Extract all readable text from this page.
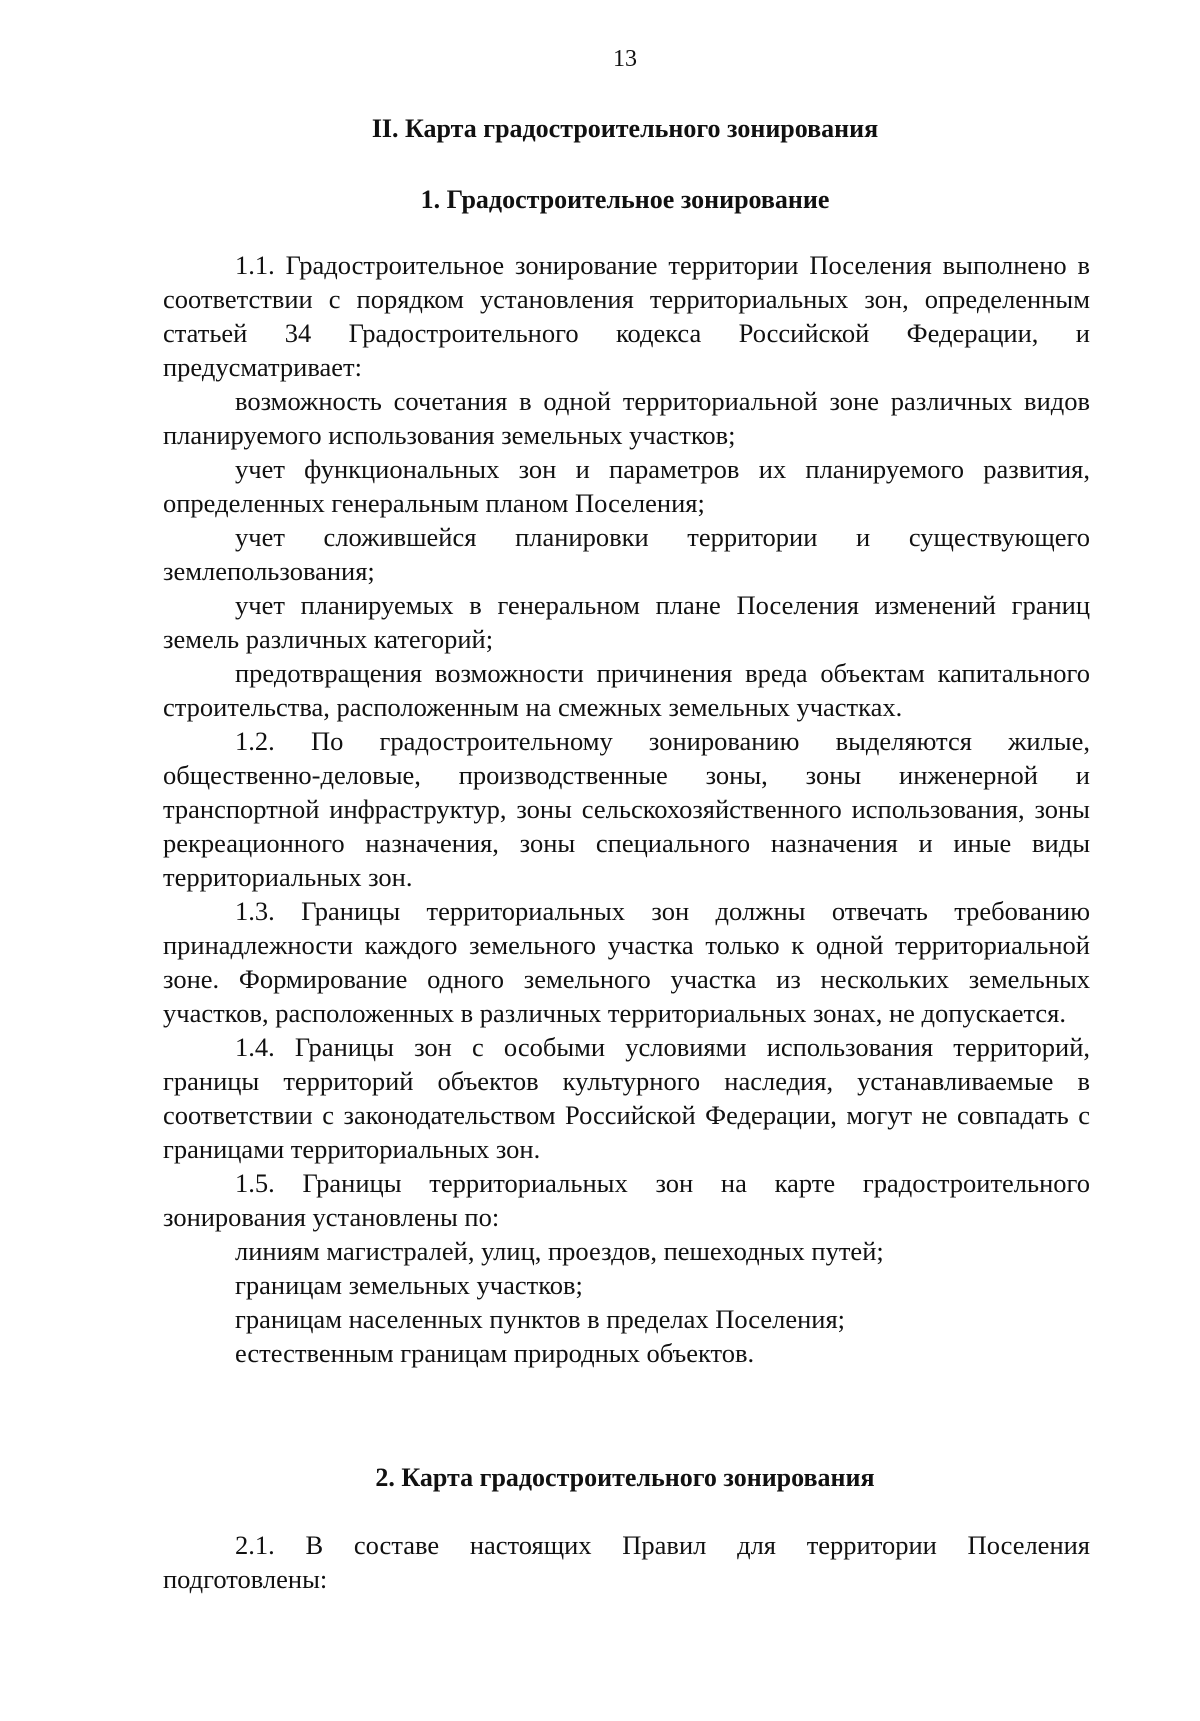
13
II. Карта градостроительного зонирования
1. Градостроительное зонирование

1.1. Градостроительное зонирование территории Поселения выполнено в соответствии с порядком установления территориальных зон, определенным статьей 34 Градостроительного кодекса Российской Федерации, и предусматривает:

возможность сочетания в одной территориальной зоне различных видов планируемого использования земельных участков;

учет функциональных зон и параметров их планируемого развития, определенных генеральным планом Поселения;

учет сложившейся планировки территории и существующего землепользования;

учет планируемых в генеральном плане Поселения изменений границ земель различных категорий;

предотвращения возможности причинения вреда объектам капитального строительства, расположенным на смежных земельных участках.

1.2. По градостроительному зонированию выделяются жилые, общественно-деловые, производственные зоны, зоны инженерной и транспортной инфраструктур, зоны сельскохозяйственного использования, зоны рекреационного назначения, зоны специального назначения и иные виды территориальных зон.

1.3. Границы территориальных зон должны отвечать требованию принадлежности каждого земельного участка только к одной территориальной зоне. Формирование одного земельного участка из нескольких земельных участков, расположенных в различных территориальных зонах, не допускается.

1.4. Границы зон с особыми условиями использования территорий, границы территорий объектов культурного наследия, устанавливаемые в соответствии с законодательством Российской Федерации, могут не совпадать с границами территориальных зон.

1.5. Границы территориальных зон на карте градостроительного зонирования установлены по:

линиям магистралей, улиц, проездов, пешеходных путей;

границам земельных участков;

границам населенных пунктов в пределах Поселения;

естественным границам природных объектов.

2. Карта градостроительного зонирования

2.1. В составе настоящих Правил для территории Поселения подготовлены:
